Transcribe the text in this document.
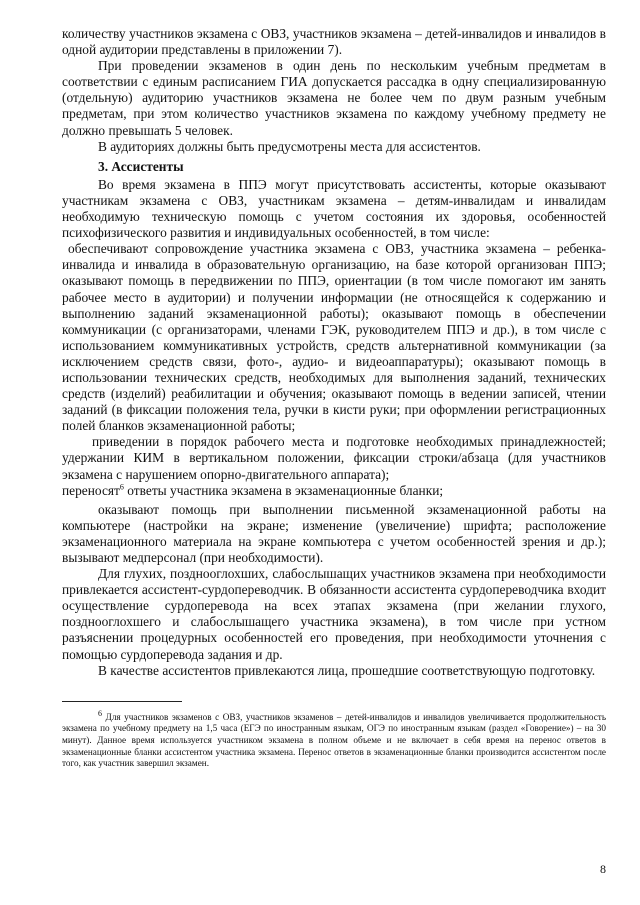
количеству участников экзамена с ОВЗ, участников экзамена – детей-инвалидов и инвалидов в одной аудитории представлены в приложении 7).

При проведении экзаменов в один день по нескольким учебным предметам в соответствии с единым расписанием ГИА допускается рассадка в одну специализированную (отдельную) аудиторию участников экзамена не более чем по двум разным учебным предметам, при этом количество участников экзамена по каждому учебному предмету не должно превышать 5 человек.

В аудиториях должны быть предусмотрены места для ассистентов.

3. Ассистенты

Во время экзамена в ППЭ могут присутствовать ассистенты, которые оказывают участникам экзамена с ОВЗ, участникам экзамена – детям-инвалидам и инвалидам необходимую техническую помощь с учетом состояния их здоровья, особенностей психофизического развития и индивидуальных особенностей, в том числе:

обеспечивают сопровождение участника экзамена с ОВЗ, участника экзамена – ребенка-инвалида и инвалида в образовательную организацию, на базе которой организован ППЭ; оказывают помощь в передвижении по ППЭ, ориентации (в том числе помогают им занять рабочее место в аудитории) и получении информации (не относящейся к содержанию и выполнению заданий экзаменационной работы); оказывают помощь в обеспечении коммуникации (с организаторами, членами ГЭК, руководителем ППЭ и др.), в том числе с использованием коммуникативных устройств, средств альтернативной коммуникации (за исключением средств связи, фото-, аудио- и видеоаппаратуры); оказывают помощь в использовании технических средств, необходимых для выполнения заданий, технических средств (изделий) реабилитации и обучения; оказывают помощь в ведении записей, чтении заданий (в фиксации положения тела, ручки в кисти руки; при оформлении регистрационных полей бланков экзаменационной работы;

приведении в порядок рабочего места и подготовке необходимых принадлежностей; удержании КИМ в вертикальном положении, фиксации строки/абзаца (для участников экзамена с нарушением опорно-двигательного аппарата);

переносят$^6$ ответы участника экзамена в экзаменационные бланки;

оказывают помощь при выполнении письменной экзаменационной работы на компьютере (настройки на экране; изменение (увеличение) шрифта; расположение экзаменационного материала на экране компьютера с учетом особенностей зрения и др.); вызывают медперсонал (при необходимости).

Для глухих, позднооглохших, слабослышащих участников экзамена при необходимости привлекается ассистент-сурдопереводчик. В обязанности ассистента сурдопереводчика входит осуществление сурдоперевода на всех этапах экзамена (при желании глухого, позднооглохшего и слабослышащего участника экзамена), в том числе при устном разъяснении процедурных особенностей его проведения, при необходимости уточнения с помощью сурдоперевода задания и др.

В качестве ассистентов привлекаются лица, прошедшие соответствующую подготовку.

$^6$ Для участников экзаменов с ОВЗ, участников экзаменов – детей-инвалидов и инвалидов увеличивается продолжительность экзамена по учебному предмету на 1,5 часа (ЕГЭ по иностранным языкам, ОГЭ по иностранным языкам (раздел «Говорение») – на 30 минут). Данное время используется участником экзамена в полном объеме и не включает в себя время на перенос ответов в экзаменационные бланки ассистентом участника экзамена. Перенос ответов в экзаменационные бланки производится ассистентом после того, как участник завершил экзамен.

8
